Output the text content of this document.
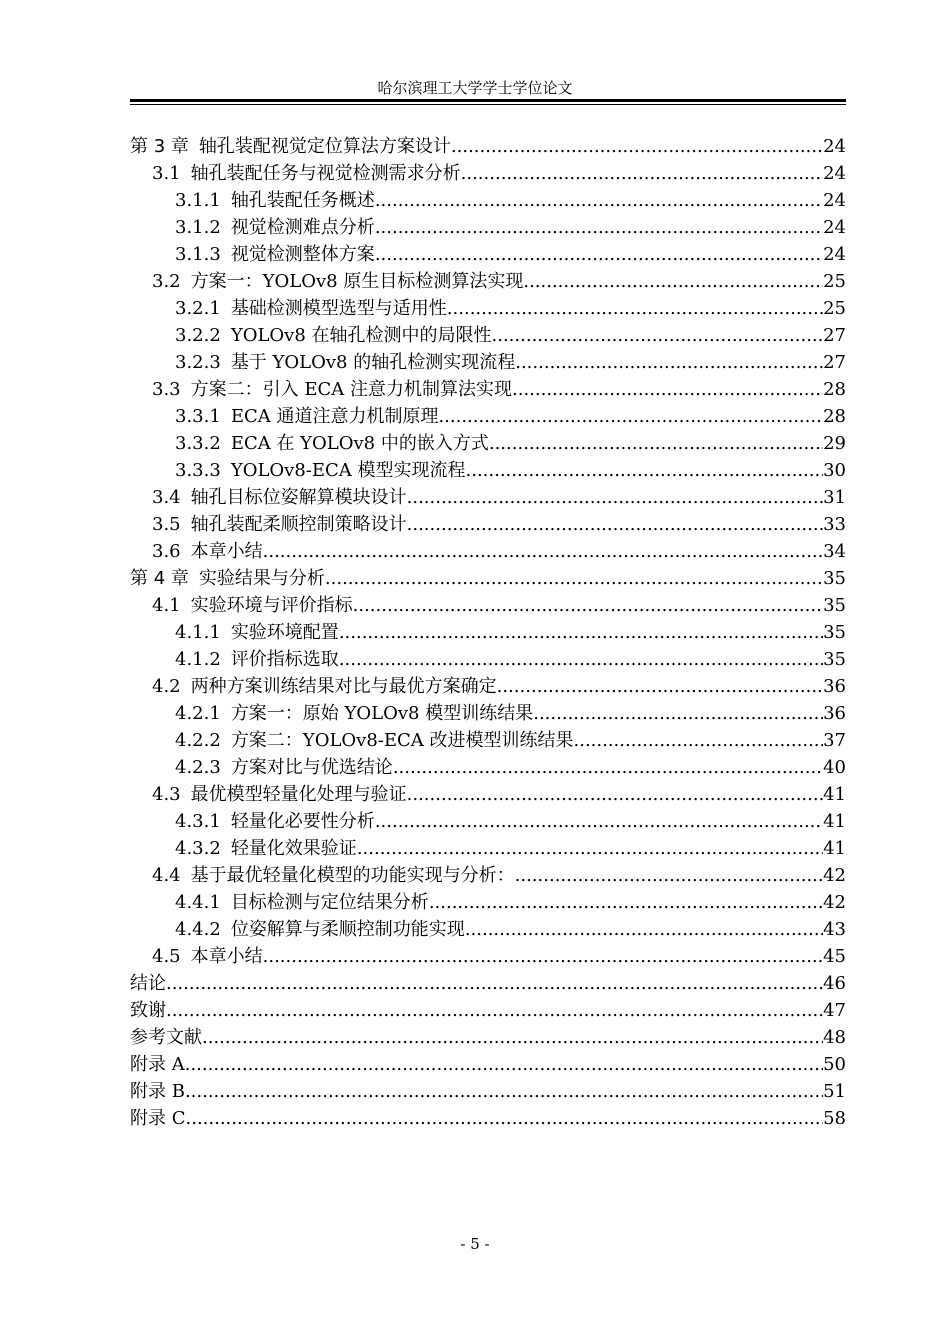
哈尔滨理工大学学士学位论文
第 3 章 轴孔装配视觉定位算法方案设计 .....	24
3.1 轴孔装配任务与视觉检测需求分析 .....	24
3.1.1 轴孔装配任务概述 .....	24
3.1.2 视觉检测难点分析 .....	24
3.1.3 视觉检测整体方案 .....	24
3.2 方案一：YOLOv8 原生目标检测算法实现 .....	25
3.2.1 基础检测模型选型与适用性 .....	25
3.2.2 YOLOv8 在轴孔检测中的局限性 .....	27
3.2.3 基于 YOLOv8 的轴孔检测实现流程 .....	27
3.3 方案二：引入 ECA 注意力机制算法实现 .....	28
3.3.1 ECA 通道注意力机制原理 .....	28
3.3.2 ECA 在 YOLOv8 中的嵌入方式 .....	29
3.3.3 YOLOv8-ECA 模型实现流程 .....	30
3.4 轴孔目标位姿解算模块设计 .....	31
3.5 轴孔装配柔顺控制策略设计 .....	33
3.6 本章小结 .....	34
第 4 章 实验结果与分析 .....	35
4.1 实验环境与评价指标 .....	35
4.1.1 实验环境配置 .....	35
4.1.2 评价指标选取 .....	35
4.2 两种方案训练结果对比与最优方案确定 .....	36
4.2.1 方案一：原始 YOLOv8 模型训练结果 .....	36
4.2.2 方案二：YOLOv8-ECA 改进模型训练结果 .....	37
4.2.3 方案对比与优选结论 .....	40
4.3 最优模型轻量化处理与验证 .....	41
4.3.1 轻量化必要性分析 .....	41
4.3.2 轻量化效果验证 .....	41
4.4 基于最优轻量化模型的功能实现与分析： .....	42
4.4.1 目标检测与定位结果分析 .....	42
4.4.2 位姿解算与柔顺控制功能实现 .....	43
4.5 本章小结 .....	45
结论 .....	46
致谢 .....	47
参考文献 .....	48
附录 A .....	50
附录 B .....	51
附录 C .....	58
- 5 -
